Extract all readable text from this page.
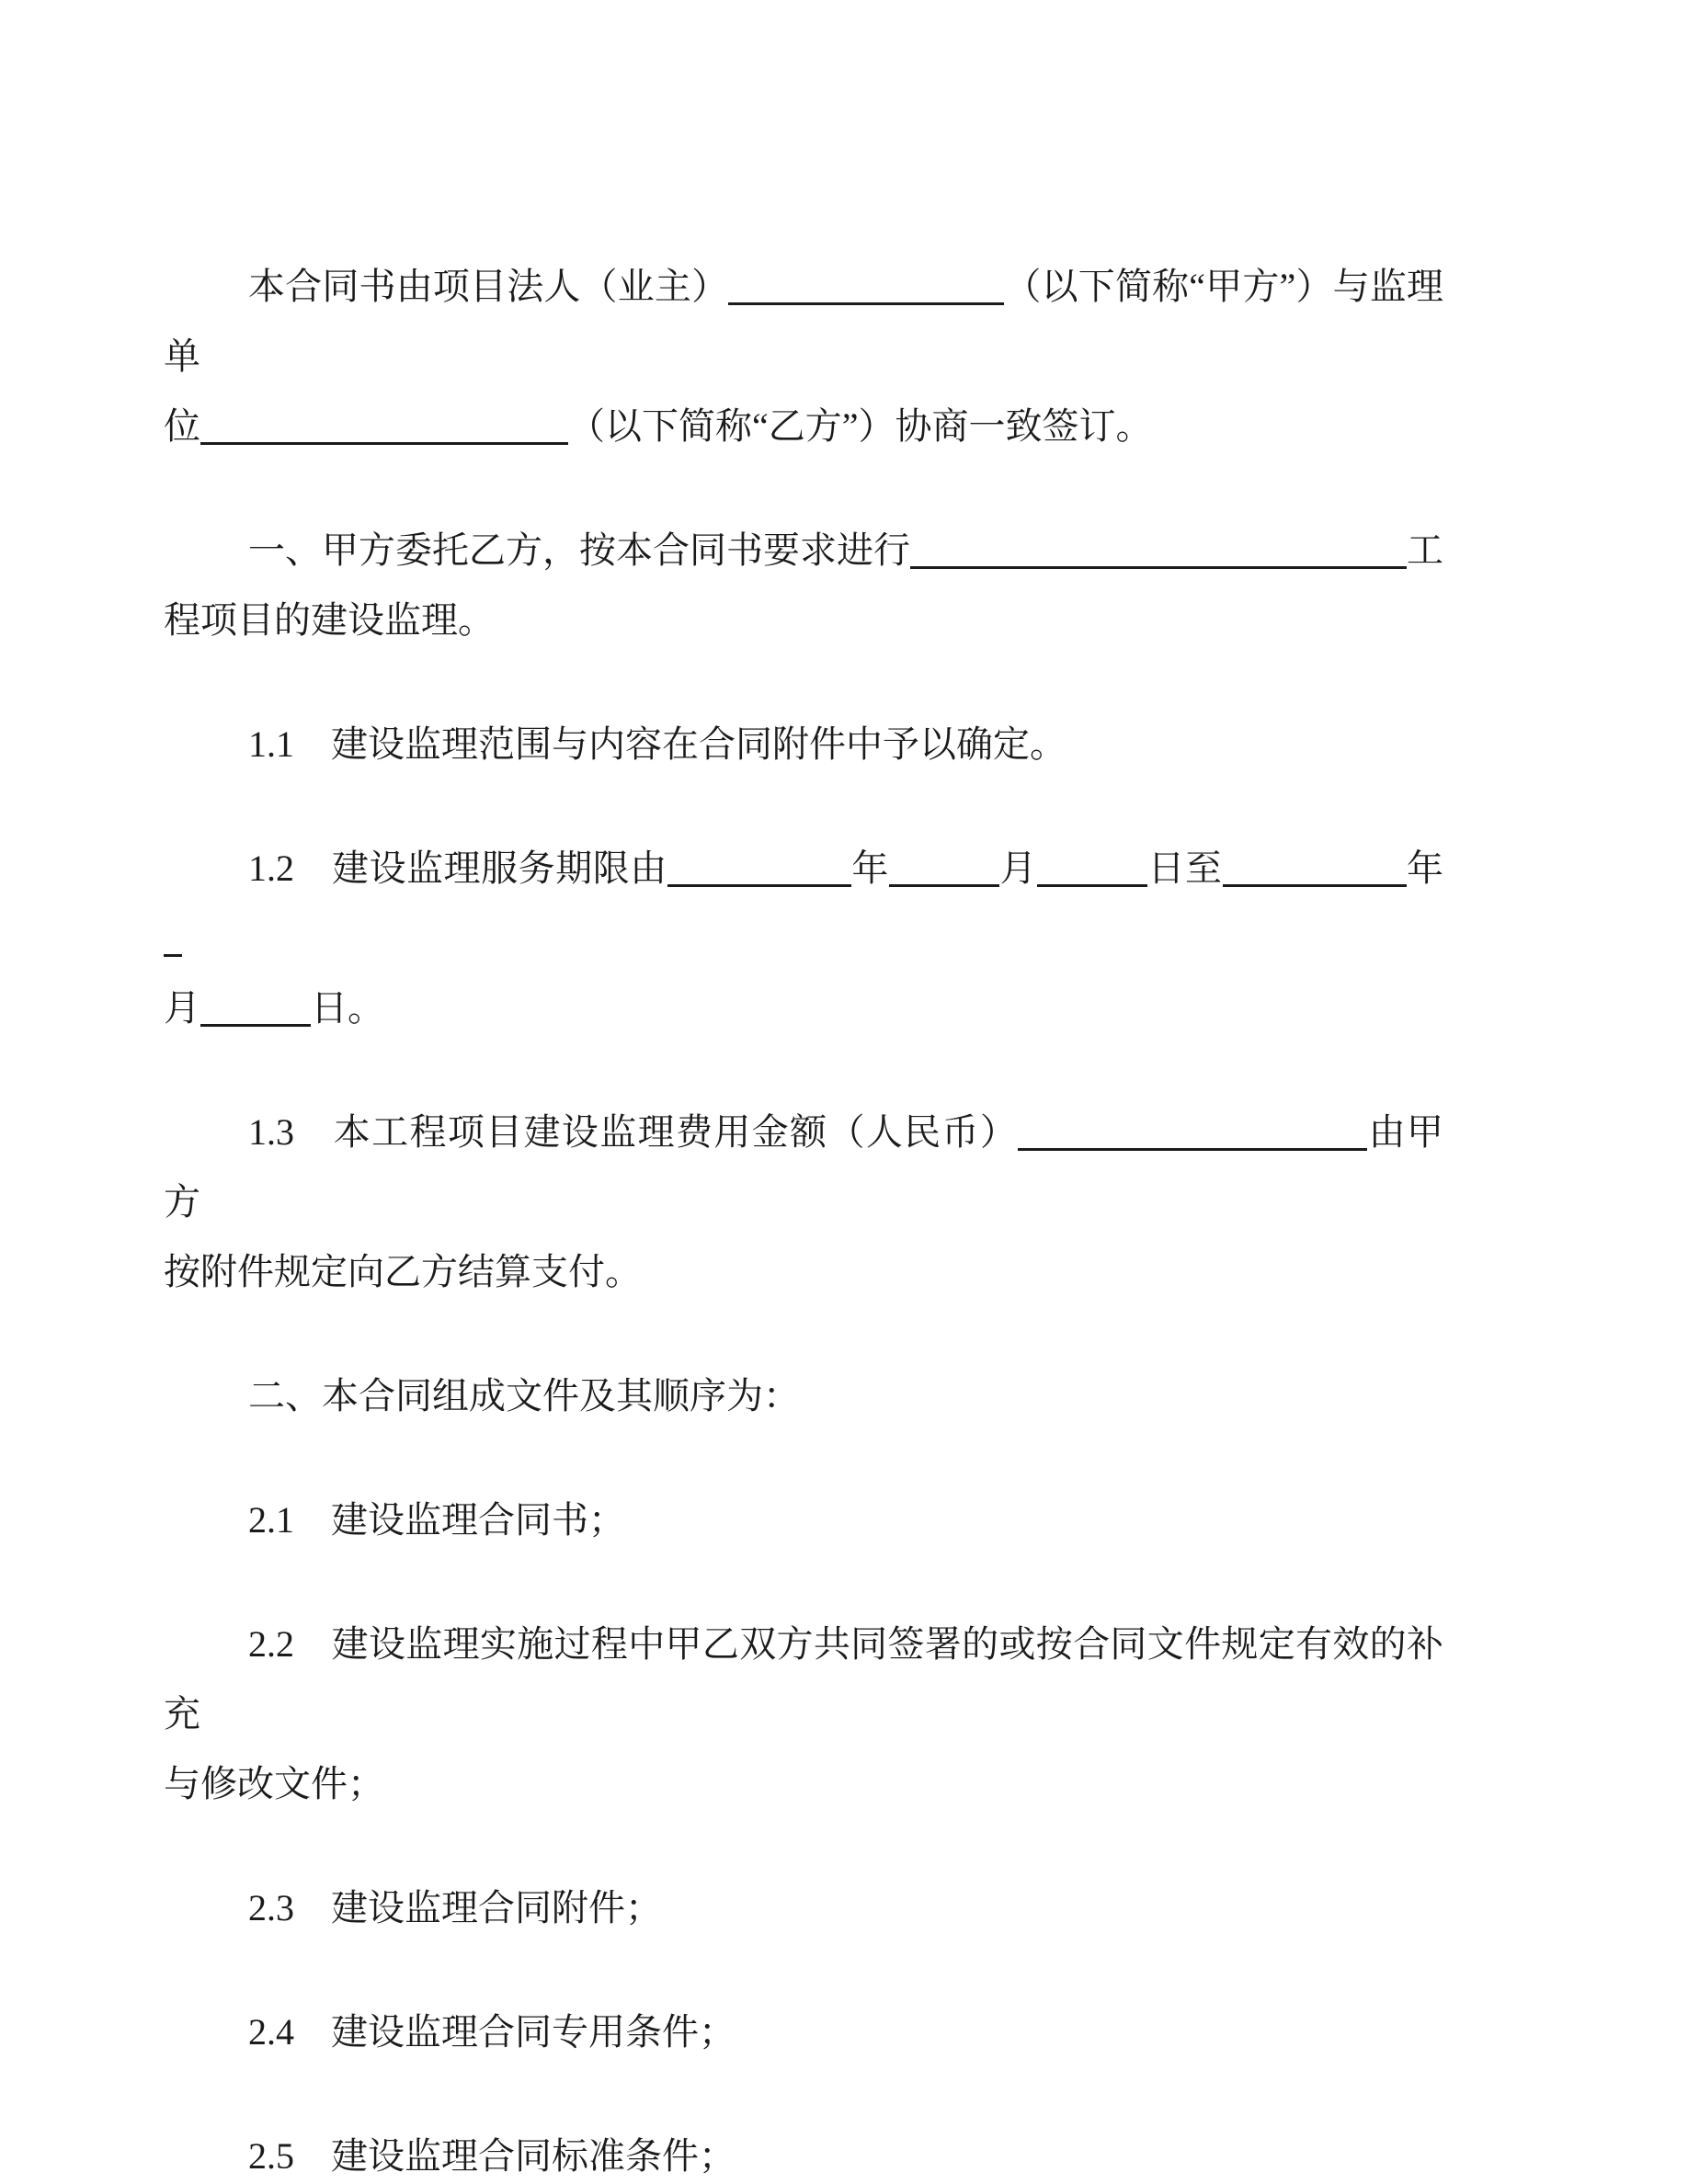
本合同书由项目法人（业主）	（以下简称“甲方”）与监理单
位	（以下简称“乙方”）协商一致签订。
一、甲方委托乙方，按本合同书要求进行	工
程项目的建设监理。
1.1　建设监理范围与内容在合同附件中予以确定。
1.2　建设监理服务期限由	年	月	日至	年
月	日。
1.3　本工程项目建设监理费用金额（人民币）	由甲方
按附件规定向乙方结算支付。
二、本合同组成文件及其顺序为：
2.1　建设监理合同书；
2.2　建设监理实施过程中甲乙双方共同签署的或按合同文件规定有效的补充
与修改文件；
2.3　建设监理合同附件；
2.4　建设监理合同专用条件；
2.5　建设监理合同标准条件；
